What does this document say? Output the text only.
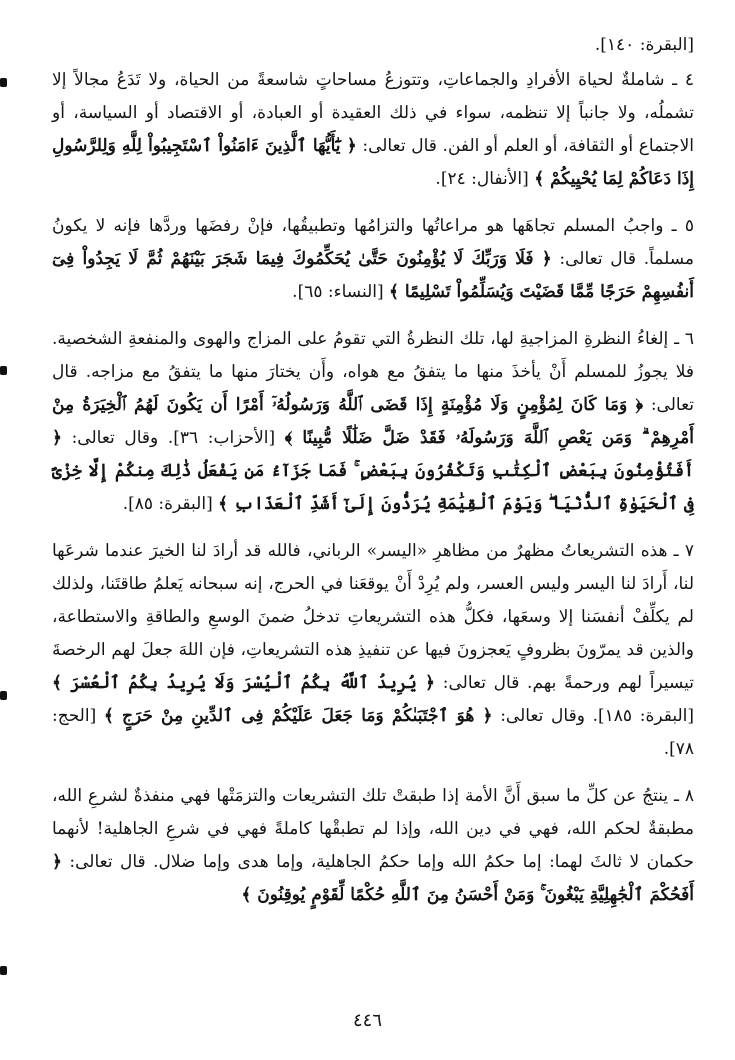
[البقرة: ١٤٠].

٤ ـ شاملةٌ لحياة الأفرادِ والجماعاتِ، وتتوزعُ مساحاتٍ شاسعةً من الحياة، ولا تَدَعُ مجالاً إلا تشملُه، ولا جانباً إلا تنظمه، سواء في ذلك العقيدة أو العبادة، أو الاقتصاد أو السياسة، أو الاجتماع أو الثقافة، أو العلم أو الفن. قال تعالى: ﴿ يَٰٓأَيُّهَا ٱلَّذِينَ ءَامَنُواْ ٱسْتَجِيبُواْ لِلَّهِ وَلِلرَّسُولِ إِذَا دَعَاكُمْ لِمَا يُحْيِيكُمْ ﴾ [الأنفال: ٢٤].

٥ ـ واجبُ المسلم تجاهَها هو مراعاتُها والتزامُها وتطبيقُها، فإنْ رفضَها وردَّها فإنه لا يكونُ مسلماً. قال تعالى: ﴿ فَلَا وَرَبِّكَ لَا يُؤْمِنُونَ حَتَّىٰ يُحَكِّمُوكَ فِيمَا شَجَرَ بَيْنَهُمْ ثُمَّ لَا يَجِدُواْ فِىٓ أَنفُسِهِمْ حَرَجًا مِّمَّا قَضَيْتَ وَيُسَلِّمُواْ تَسْلِيمًا ﴾ [النساء: ٦٥].

٦ ـ إلغاءُ النظرةِ المزاجيةِ لها، تلك النظرةُ التي تقومُ على المزاج والهوى والمنفعةِ الشخصية. فلا يجوزُ للمسلم أَنْ يأخذَ منها ما يتفقُ مع هواه، وأَن يختارَ منها ما يتفقُ مع مزاجه. قال تعالى: ﴿ وَمَا كَانَ لِمُؤْمِنٍ وَلَا مُؤْمِنَةٍ إِذَا قَضَى ٱللَّهُ وَرَسُولُهُۥٓ أَمْرًا أَن يَكُونَ لَهُمُ ٱلْخِيَرَةُ مِنْ أَمْرِهِمْ ۗ وَمَن يَعْصِ ٱللَّهَ وَرَسُولَهُۥ فَقَدْ ضَلَّ ضَلَٰلًا مُّبِينًا ﴾ [الأحزاب: ٣٦]. وقال تعالى: ﴿ أَفَتُؤْمِنُونَ بِبَعْضِ ٱلْكِتَٰبِ وَتَكْفُرُونَ بِبَعْضٍ ۚ فَمَا جَزَآءُ مَن يَفْعَلُ ذَٰلِكَ مِنكُمْ إِلَّا خِزْىٌ فِى ٱلْحَيَوٰةِ ٱلدُّنْيَا ۖ وَيَوْمَ ٱلْقِيَٰمَةِ يُرَدُّونَ إِلَىٰٓ أَشَدِّ ٱلْعَذَابِ ﴾ [البقرة: ٨٥].

٧ ـ هذه التشريعاتُ مظهرٌ من مظاهرِ «اليسر» الرباني، فالله قد أرادَ لنا الخيرَ عندما شرعَها لنا، أَرادَ لنا اليسر وليس العسر، ولم يُرِدْ أَنْ يوقعَنا في الحرج، إنه سبحانه يَعلمُ طاقتَنا، ولذلك لم يكلِّفْ أنفسَنا إلا وسعَها، فكلُّ هذه التشريعاتِ تدخلُ ضمنَ الوسعِ والطاقةِ والاستطاعة، والذين قد يمرّونَ بظروفٍ يَعجزونَ فيها عن تنفيذِ هذه التشريعاتِ، فإن اللهَ جعلَ لهم الرخصةَ تيسيراً لهم ورحمةً بهم. قال تعالى: ﴿ يُرِيدُ ٱللَّهُ بِكُمُ ٱلْيُسْرَ وَلَا يُرِيدُ بِكُمُ ٱلْعُسْرَ ﴾ [البقرة: ١٨٥]. وقال تعالى: ﴿ هُوَ ٱجْتَبَىٰكُمْ وَمَا جَعَلَ عَلَيْكُمْ فِى ٱلدِّينِ مِنْ حَرَجٍ ﴾ [الحج: ٧٨].

٨ ـ ينتجُ عن كلِّ ما سبق أَنَّ الأمة إذا طبقتْ تلك التشريعات والتزمَتْها فهي منفذةٌ لشرعِ الله، مطبقةٌ لحكم الله، فهي في دين الله، وإذا لم تطبقْها كاملةً فهي في شرعِ الجاهلية! لأنهما حكمان لا ثالثَ لهما: إما حكمُ الله وإما حكمُ الجاهلية، وإما هدى وإما ضلال. قال تعالى: ﴿ أَفَحُكْمَ ٱلْجَٰهِلِيَّةِ يَبْغُونَ ۚ وَمَنْ أَحْسَنُ مِنَ ٱللَّهِ حُكْمًا لِّقَوْمٍ يُوقِنُونَ ﴾

٤٤٦
